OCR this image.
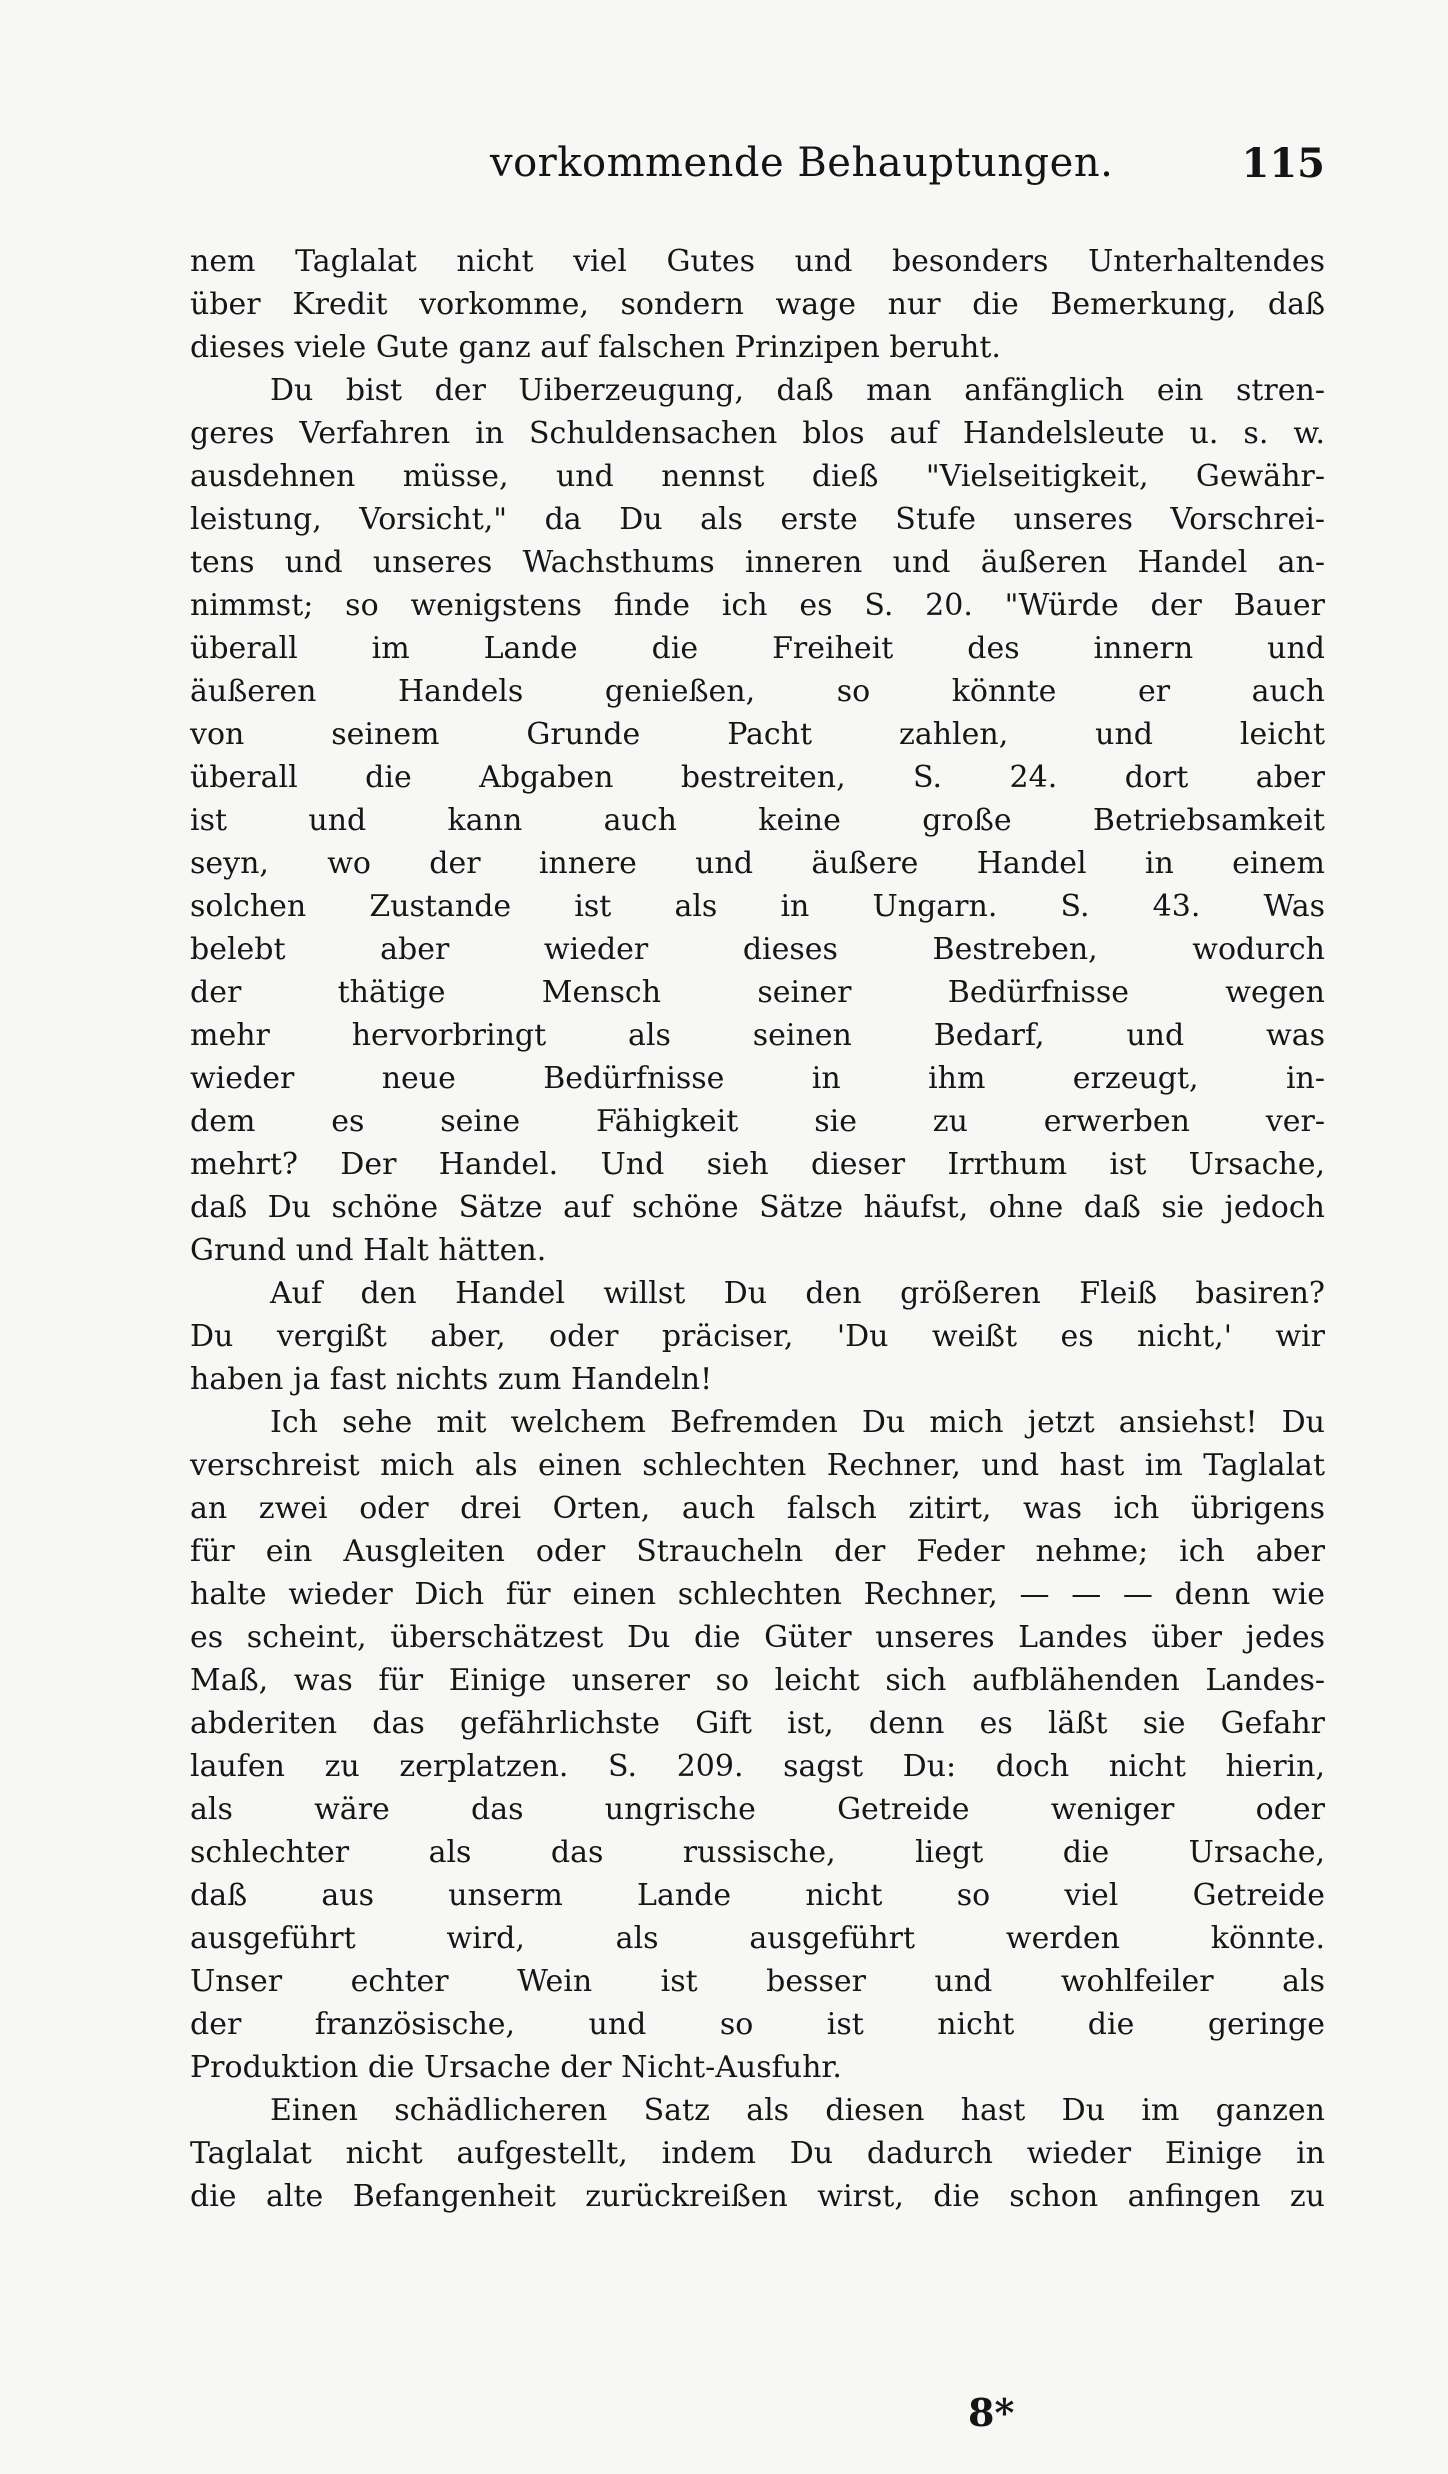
vorkommende Behauptungen.	115
nem Taglalat nicht viel Gutes und besonders Unterhaltendes
über Kredit vorkomme, sondern wage nur die Bemerkung, daß
dieses viele Gute ganz auf falschen Prinzipen beruht.
Du bist der Uiberzeugung, daß man anfänglich ein stren-
geres Verfahren in Schuldensachen blos auf Handelsleute u. s. w.
ausdehnen müsse, und nennst dieß "Vielseitigkeit, Gewähr-
leistung, Vorsicht," da Du als erste Stufe unseres Vorschrei-
tens und unseres Wachsthums inneren und äußeren Handel an-
nimmst; so wenigstens finde ich es S. 20. "Würde der Bauer
überall im Lande die Freiheit des innern und
äußeren Handels genießen, so könnte er auch
von seinem Grunde Pacht zahlen, und leicht
überall die Abgaben bestreiten, S. 24. dort aber
ist und kann auch keine große Betriebsamkeit
seyn, wo der innere und äußere Handel in einem
solchen Zustande ist als in Ungarn. S. 43. Was
belebt aber wieder dieses Bestreben, wodurch
der thätige Mensch seiner Bedürfnisse wegen
mehr hervorbringt als seinen Bedarf, und was
wieder neue Bedürfnisse in ihm erzeugt, in-
dem es seine Fähigkeit sie zu erwerben ver-
mehrt? Der Handel. Und sieh dieser Irrthum ist Ursache,
daß Du schöne Sätze auf schöne Sätze häufst, ohne daß sie jedoch
Grund und Halt hätten.
Auf den Handel willst Du den größeren Fleiß basiren?
Du vergißt aber, oder präciser, 'Du weißt es nicht,' wir
haben ja fast nichts zum Handeln!
Ich sehe mit welchem Befremden Du mich jetzt ansiehst! Du
verschreist mich als einen schlechten Rechner, und hast im Taglalat
an zwei oder drei Orten, auch falsch zitirt, was ich übrigens
für ein Ausgleiten oder Straucheln der Feder nehme; ich aber
halte wieder Dich für einen schlechten Rechner, — — — denn wie
es scheint, überschätzest Du die Güter unseres Landes über jedes
Maß, was für Einige unserer so leicht sich aufblähenden Landes-
abderiten das gefährlichste Gift ist, denn es läßt sie Gefahr
laufen zu zerplatzen. S. 209. sagst Du: doch nicht hierin,
als wäre das ungrische Getreide weniger oder
schlechter als das russische, liegt die Ursache,
daß aus unserm Lande nicht so viel Getreide
ausgeführt wird, als ausgeführt werden könnte.
Unser echter Wein ist besser und wohlfeiler als
der französische, und so ist nicht die geringe
Produktion die Ursache der Nicht-Ausfuhr.
Einen schädlicheren Satz als diesen hast Du im ganzen
Taglalat nicht aufgestellt, indem Du dadurch wieder Einige in
die alte Befangenheit zurückreißen wirst, die schon anfingen zu
8*
